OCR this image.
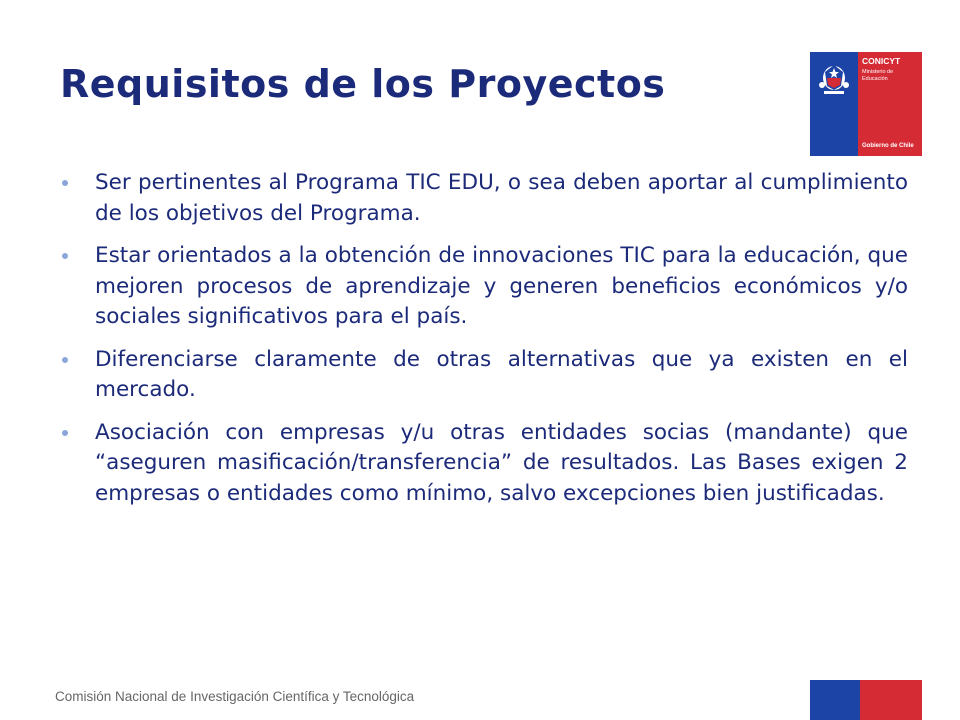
Requisitos de los Proyectos
CONICYT
Ministerio de
Educación
Gobierno de Chile
Ser pertinentes al Programa TIC EDU, o sea deben aportar al cumplimiento de los objetivos del Programa.
Estar orientados a la obtención de innovaciones TIC para la educación, que mejoren procesos de aprendizaje y generen beneficios económicos y/o sociales significativos para el país.
Diferenciarse claramente de otras alternativas que ya existen en el mercado.
Asociación con empresas y/u otras entidades socias (mandante) que “aseguren masificación/transferencia” de resultados. Las Bases exigen 2 empresas o entidades como mínimo, salvo excepciones bien justificadas.
Comisión Nacional de Investigación Científica y Tecnológica
